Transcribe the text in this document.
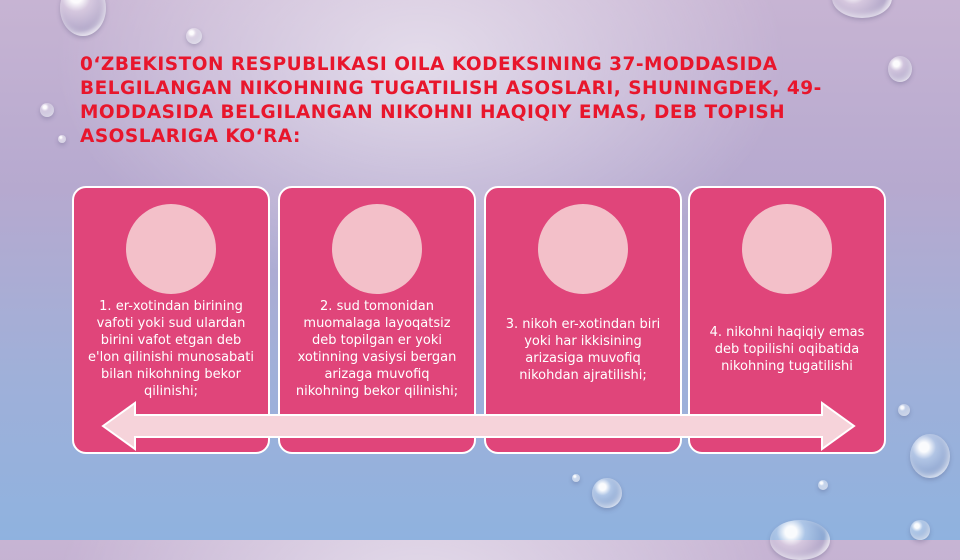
0‘ZBEKISTON RESPUBLIKASI OILA KODEKSINING 37-MODDASIDA BELGILANGAN NIKOHNING TUGATILISH ASOSLARI, SHUNINGDEK, 49-MODDASIDA BELGILANGAN NIKOHNI HAQIQIY EMAS, DEB TOPISH ASOSLARIGA KO‘RA:
1. er-xotindan birining vafoti yoki sud ulardan birini vafot etgan deb e'lon qilinishi munosabati bilan nikohning bekor qilinishi;
2. sud tomonidan muomalaga layoqatsiz deb topilgan er yoki xotinning vasiysi bergan arizaga muvofiq nikohning bekor qilinishi;
3. nikoh er-xotindan biri yoki har ikkisining arizasiga muvofiq nikohdan ajratilishi;
4. nikohni haqiqiy emas deb topilishi oqibatida nikohning tugatilishi
